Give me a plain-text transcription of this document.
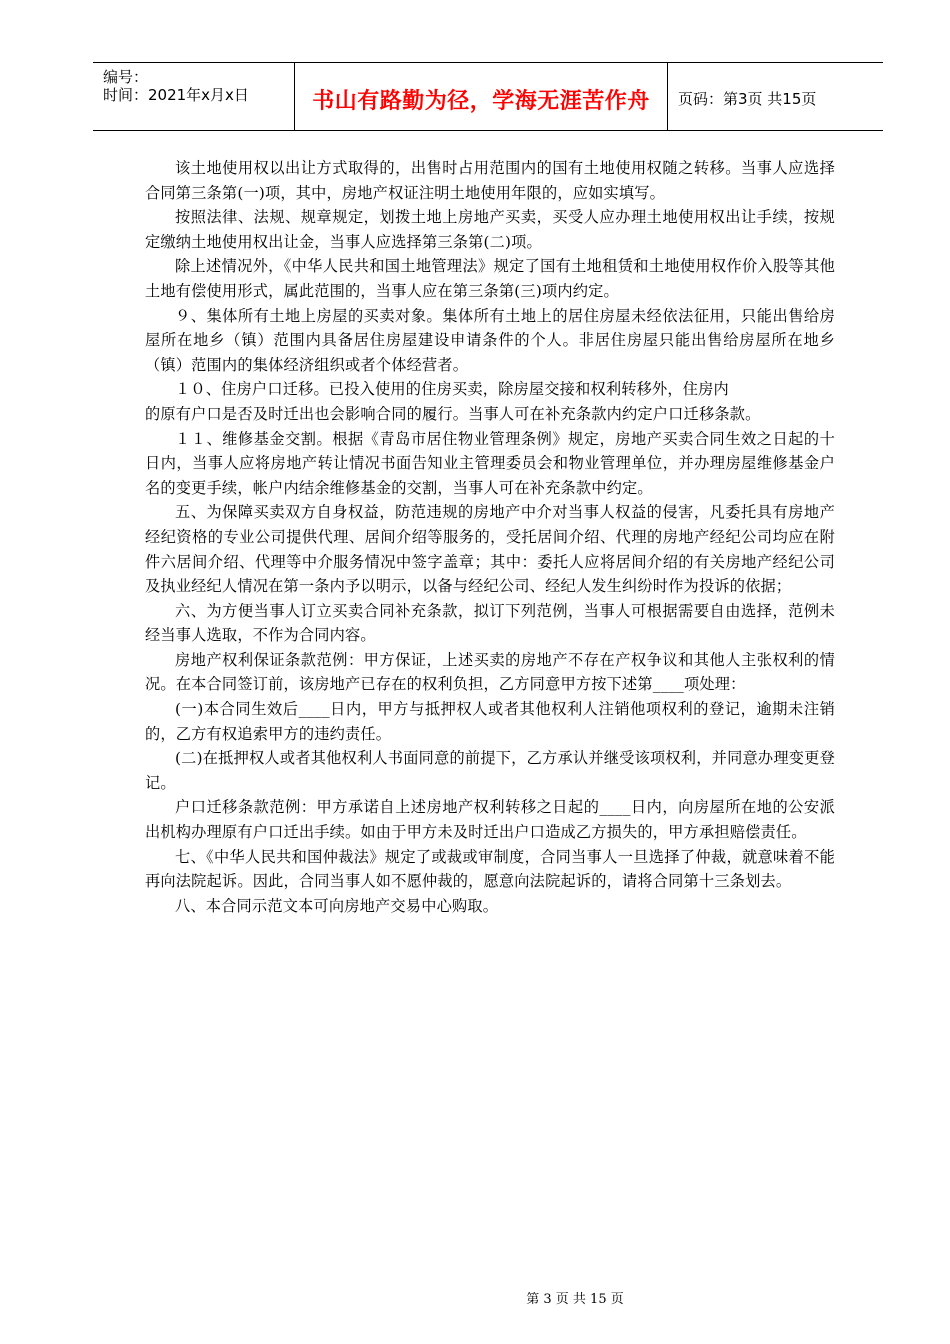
编号：
时间：2021年x月x日	书山有路勤为径，学海无涯苦作舟	页码：第3页 共15页

该土地使用权以出让方式取得的，出售时占用范围内的国有土地使用权随之转移。当事人应选择合同第三条第(一)项，其中，房地产权证注明土地使用年限的，应如实填写。

按照法律、法规、规章规定，划拨土地上房地产买卖，买受人应办理土地使用权出让手续，按规定缴纳土地使用权出让金，当事人应选择第三条第(二)项。

除上述情况外，《中华人民共和国土地管理法》规定了国有土地租赁和土地使用权作价入股等其他土地有偿使用形式，属此范围的，当事人应在第三条第(三)项内约定。

９、集体所有土地上房屋的买卖对象。集体所有土地上的居住房屋未经依法征用，只能出售给房屋所在地乡（镇）范围内具备居住房屋建设申请条件的个人。非居住房屋只能出售给房屋所在地乡（镇）范围内的集体经济组织或者个体经营者。

１０、住房户口迁移。已投入使用的住房买卖，除房屋交接和权利转移外，住房内

的原有户口是否及时迁出也会影响合同的履行。当事人可在补充条款内约定户口迁移条款。

１１、维修基金交割。根据《青岛市居住物业管理条例》规定，房地产买卖合同生效之日起的十日内，当事人应将房地产转让情况书面告知业主管理委员会和物业管理单位，并办理房屋维修基金户名的变更手续，帐户内结余维修基金的交割，当事人可在补充条款中约定。

五、为保障买卖双方自身权益，防范违规的房地产中介对当事人权益的侵害，凡委托具有房地产经纪资格的专业公司提供代理、居间介绍等服务的，受托居间介绍、代理的房地产经纪公司均应在附件六居间介绍、代理等中介服务情况中签字盖章；其中：委托人应将居间介绍的有关房地产经纪公司及执业经纪人情况在第一条内予以明示，以备与经纪公司、经纪人发生纠纷时作为投诉的依据；

六、为方便当事人订立买卖合同补充条款，拟订下列范例，当事人可根据需要自由选择，范例未经当事人选取，不作为合同内容。

房地产权利保证条款范例：甲方保证，上述买卖的房地产不存在产权争议和其他人主张权利的情况。在本合同签订前，该房地产已存在的权利负担，乙方同意甲方按下述第____项处理：

(一)本合同生效后____日内，甲方与抵押权人或者其他权利人注销他项权利的登记，逾期未注销的，乙方有权追索甲方的违约责任。

(二)在抵押权人或者其他权利人书面同意的前提下，乙方承认并继受该项权利，并同意办理变更登记。

户口迁移条款范例：甲方承诺自上述房地产权利转移之日起的____日内，向房屋所在地的公安派出机构办理原有户口迁出手续。如由于甲方未及时迁出户口造成乙方损失的，甲方承担赔偿责任。

七、《中华人民共和国仲裁法》规定了或裁或审制度，合同当事人一旦选择了仲裁，就意味着不能再向法院起诉。因此，合同当事人如不愿仲裁的，愿意向法院起诉的，请将合同第十三条划去。

八、本合同示范文本可向房地产交易中心购取。

第 3 页 共 15 页
